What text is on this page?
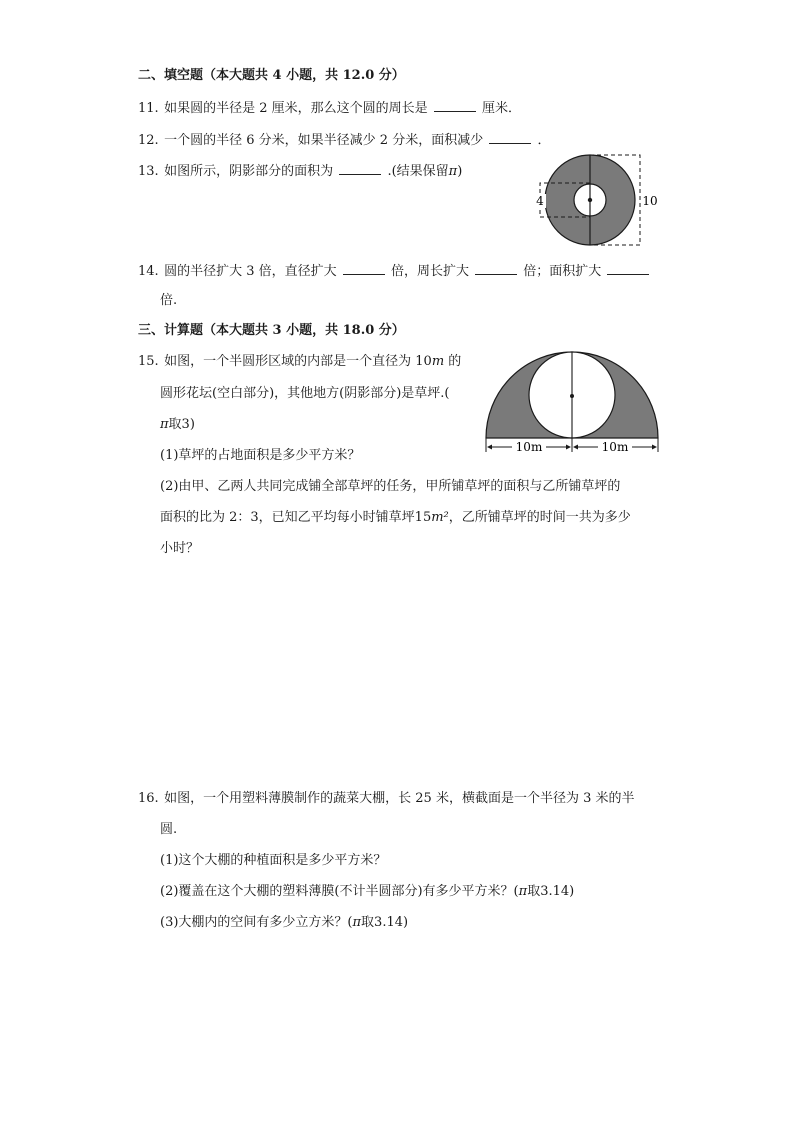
二、填空题（本大题共 4 小题，共 12.0 分）
11. 如果圆的半径是 2 厘米，那么这个圆的周长是	厘米．
12. 一个圆的半径 6 分米，如果半径减少 2 分米，面积减少	．
13. 如图所示，阴影部分的面积为	.(结果保留π)
4	10
14. 圆的半径扩大 3 倍，直径扩大	倍，周长扩大	倍；面积扩大
倍.
三、计算题（本大题共 3 小题，共 18.0 分）
15. 如图，一个半圆形区域的内部是一个直径为 10m 的
圆形花坛(空白部分)，其他地方(阴影部分)是草坪.(
π取3)
(1)草坪的占地面积是多少平方米？
(2)由甲、乙两人共同完成铺全部草坪的任务，甲所铺草坪的面积与乙所铺草坪的
面积的比为 2：3，已知乙平均每小时铺草坪15m²，乙所铺草坪的时间一共为多少
小时？
10m	10m
16. 如图，一个用塑料薄膜制作的蔬菜大棚，长 25 米，横截面是一个半径为 3 米的半
圆.
(1)这个大棚的种植面积是多少平方米？
(2)覆盖在这个大棚的塑料薄膜(不计半圆部分)有多少平方米？(π取3.14)
(3)大棚内的空间有多少立方米？(π取3.14)
